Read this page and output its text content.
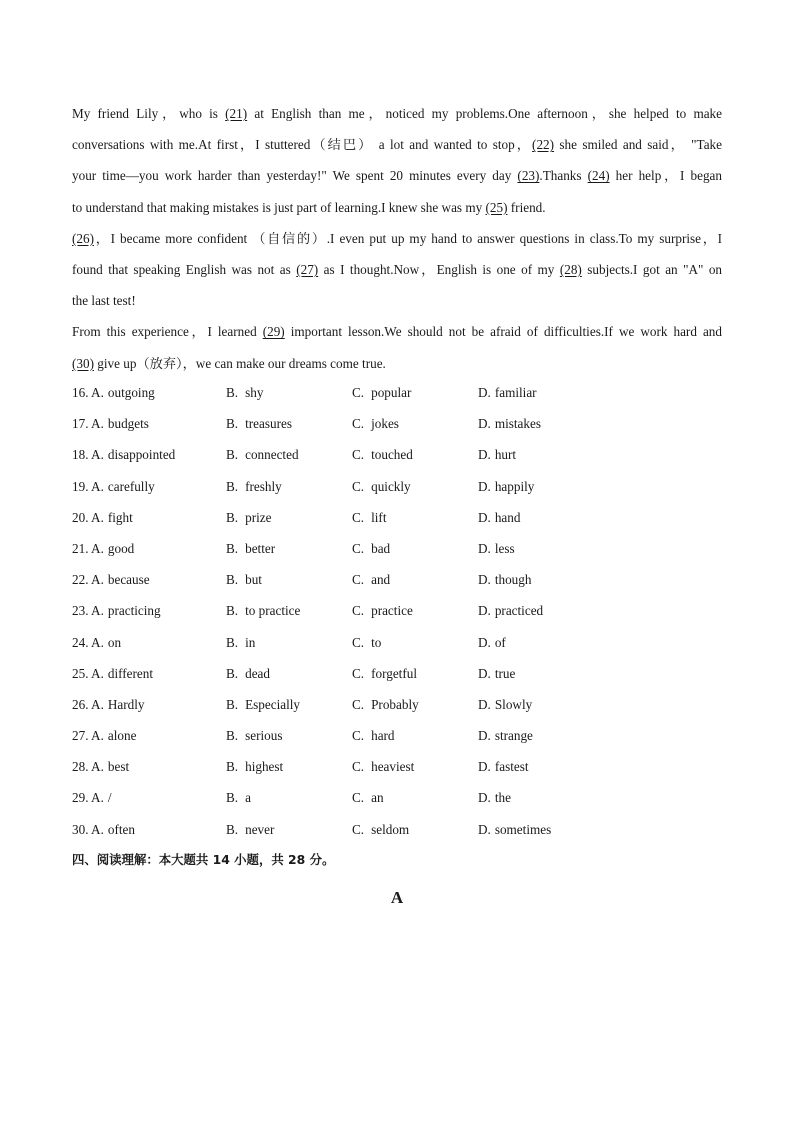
My friend Lily，who is (21) at English than me，noticed my problems.One afternoon，she helped to make
conversations with me.At first，I stuttered（结巴） a lot and wanted to stop，(22) she smiled and said， "Take
your time—you work harder than yesterday!" We spent 20 minutes every day (23).Thanks (24) her help，I began
to understand that making mistakes is just part of learning.I knew she was my (25) friend.
(26)，I became more confident （自信的）.I even put up my hand to answer questions in class.To my surprise，I
found that speaking English was not as (27) as I thought.Now，English is one of my (28) subjects.I got an "A" on
the last test!
From this experience，I learned (29) important lesson.We should not be afraid of difficulties.If we work hard and
(30) give up（放弃），we can make our dreams come true.
16. A. outgoing	B. shy	C. popular	D. familiar
17. A. budgets	B. treasures	C. jokes	D. mistakes
18. A. disappointed	B. connected	C. touched	D. hurt
19. A. carefully	B. freshly	C. quickly	D. happily
20. A. fight	B. prize	C. lift	D. hand
21. A. good	B. better	C. bad	D. less
22. A. because	B. but	C. and	D. though
23. A. practicing	B. to practice	C. practice	D. practiced
24. A. on	B. in	C. to	D. of
25. A. different	B. dead	C. forgetful	D. true
26. A. Hardly	B. Especially	C. Probably	D. Slowly
27. A. alone	B. serious	C. hard	D. strange
28. A. best	B. highest	C. heaviest	D. fastest
29. A. /	B. a	C. an	D. the
30. A. often	B. never	C. seldom	D. sometimes
四、阅读理解：本大题共 14 小题，共 28 分。
A
